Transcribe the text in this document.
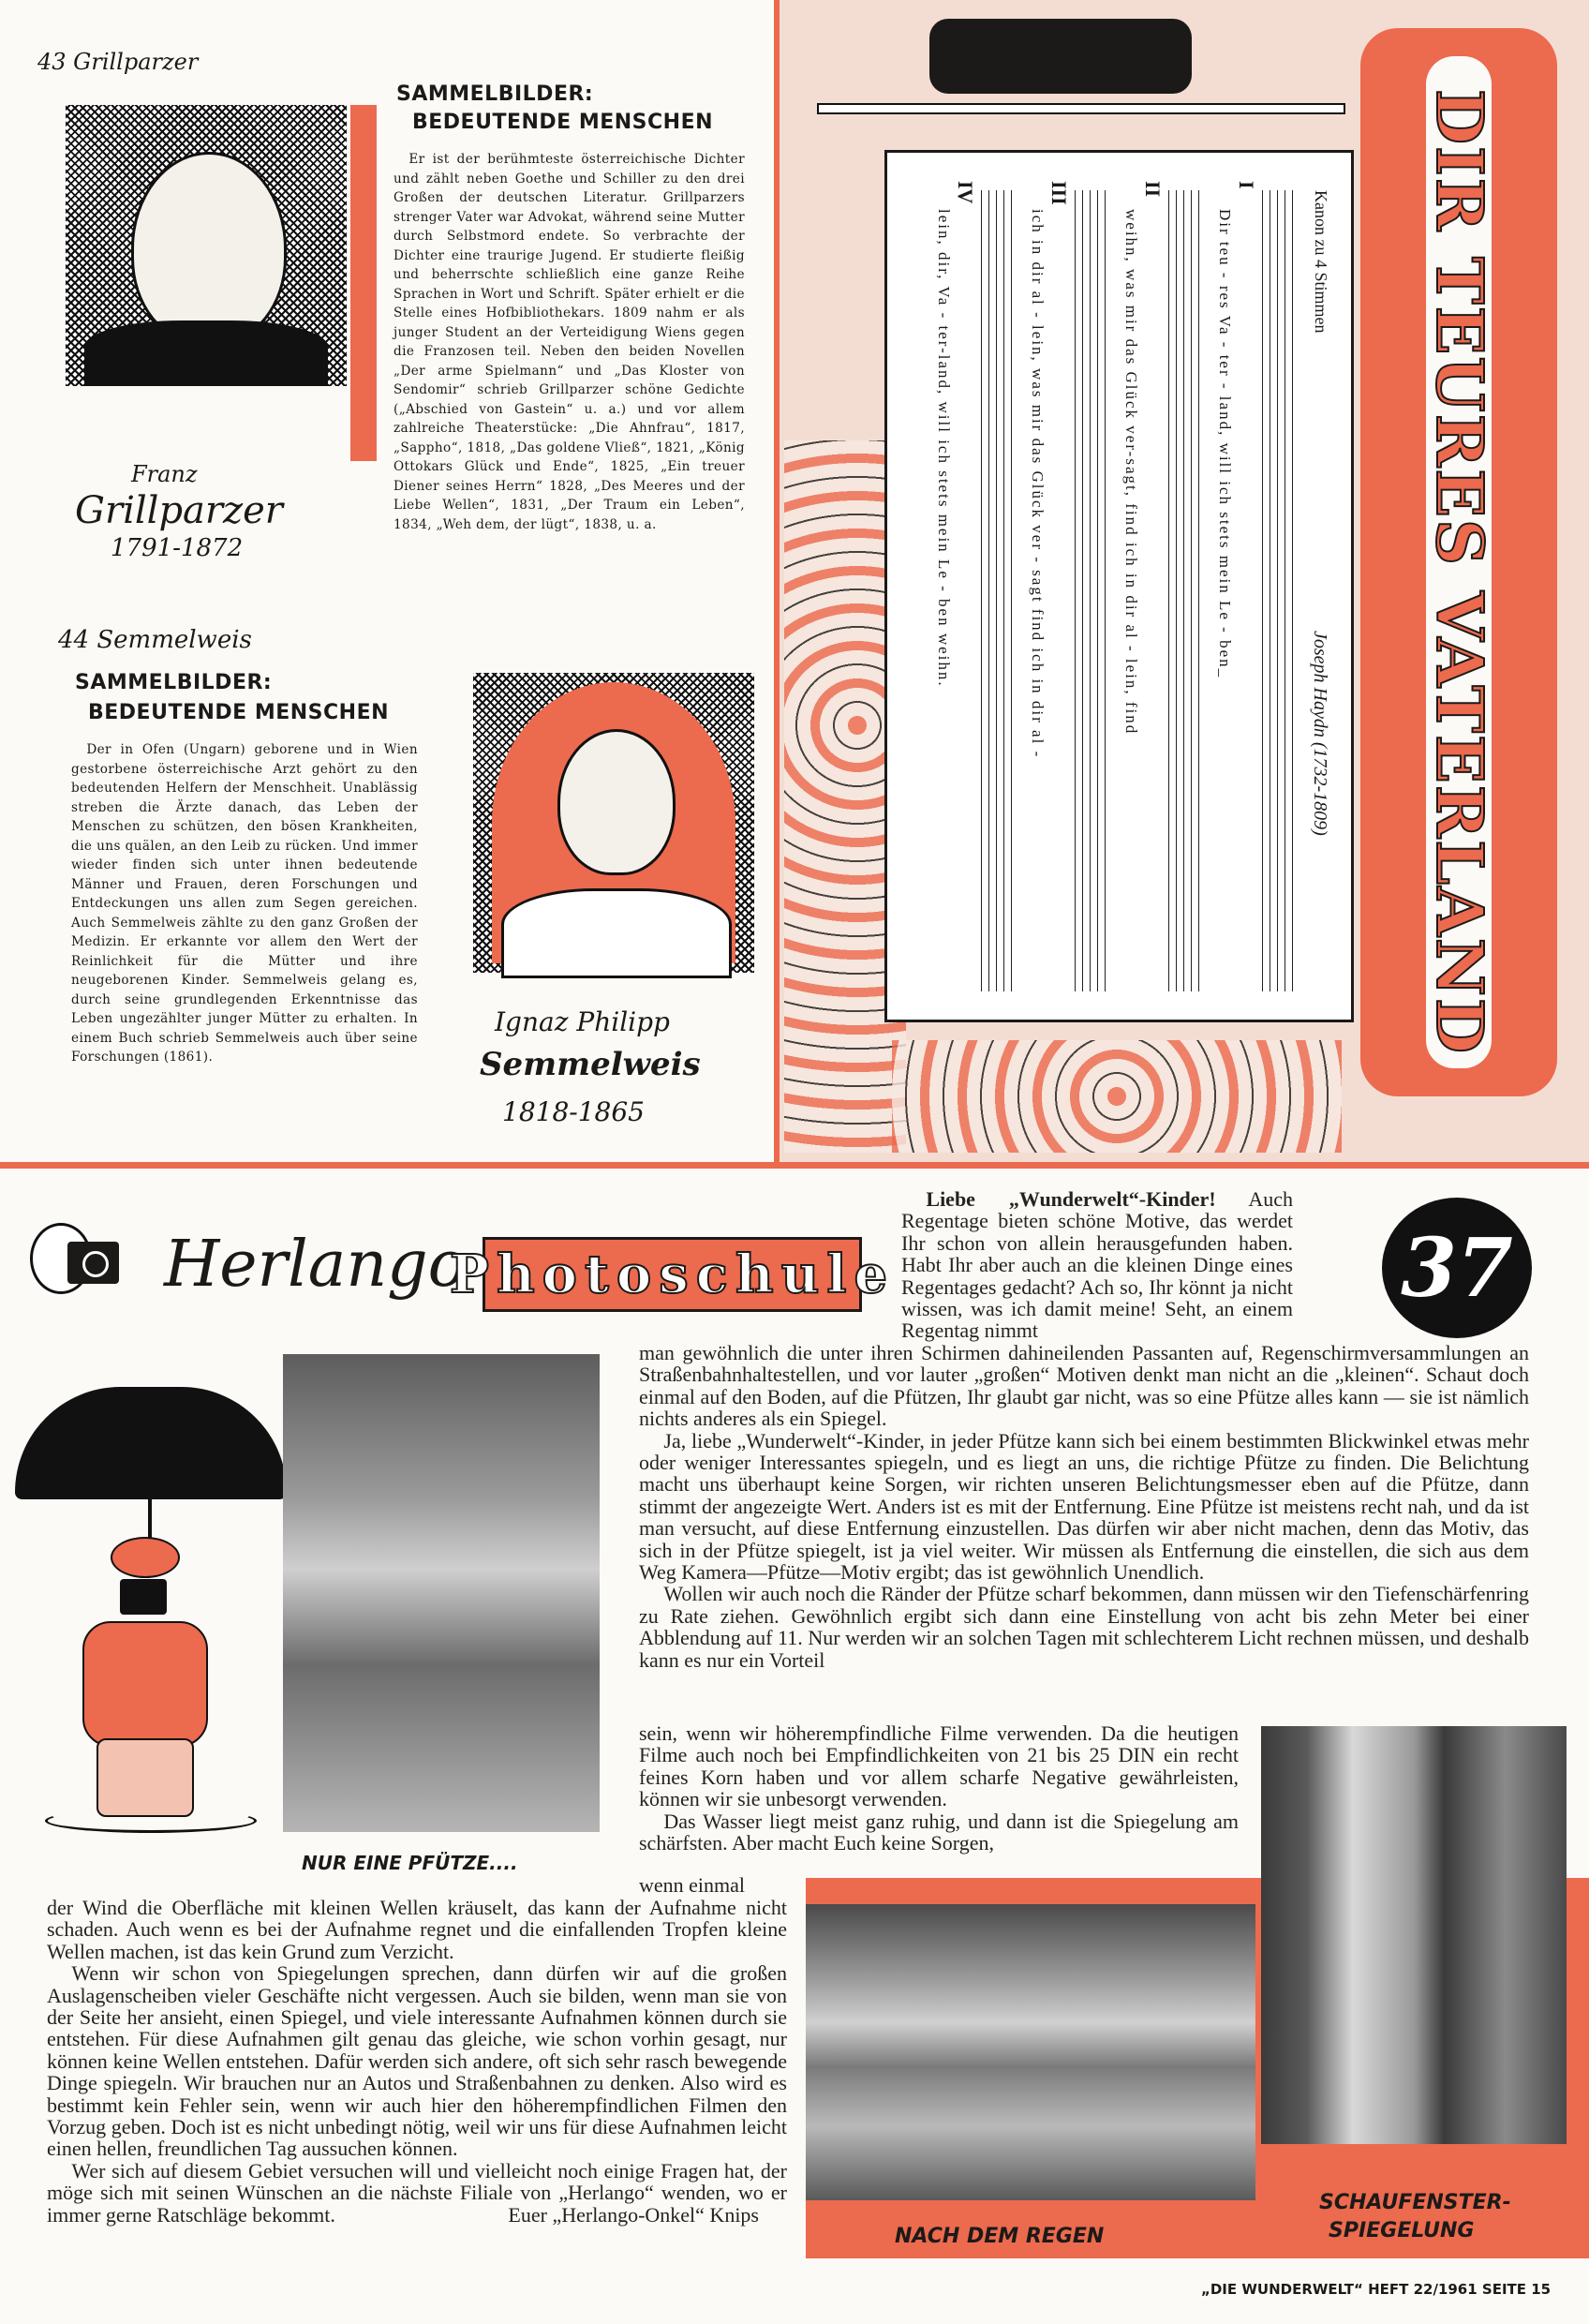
43 Grillparzer
Franz
Grillparzer
1791-1872
SAMMELBILDER:
BEDEUTENDE MENSCHEN

Er ist der berühmteste österreichische Dichter und zählt neben Goethe und Schiller zu den drei Großen der deutschen Literatur. Grillparzers strenger Vater war Advokat, während seine Mutter durch Selbstmord endete. So verbrachte der Dichter eine traurige Jugend. Er studierte fleißig und beherrschte schließlich eine ganze Reihe Sprachen in Wort und Schrift. Später erhielt er die Stelle eines Hofbibliothekars. 1809 nahm er als junger Student an der Verteidigung Wiens gegen die Franzosen teil. Neben den beiden Novellen „Der arme Spielmann“ und „Das Kloster von Sendomir“ schrieb Grillparzer schöne Gedichte („Abschied von Gastein“ u. a.) und vor allem zahlreiche Theaterstücke: „Die Ahnfrau“, 1817, „Sappho“, 1818, „Das goldene Vließ“, 1821, „König Ottokars Glück und Ende“, 1825, „Ein treuer Diener seines Herrn“ 1828, „Des Meeres und der Liebe Wellen“, 1831, „Der Traum ein Leben“, 1834, „Weh dem, der lügt“, 1838, u. a.

44 Semmelweis
SAMMELBILDER:
BEDEUTENDE MENSCHEN

Der in Ofen (Ungarn) geborene und in Wien gestorbene österreichische Arzt gehört zu den bedeutenden Helfern der Menschheit. Unablässig streben die Ärzte danach, das Leben der Menschen zu schützen, den bösen Krankheiten, die uns quälen, an den Leib zu rücken. Und immer wieder finden sich unter ihnen bedeutende Männer und Frauen, deren Forschungen und Entdeckungen uns allen zum Segen gereichen. Auch Semmelweis zählte zu den ganz Großen der Medizin. Er erkannte vor allem den Wert der Reinlichkeit für die Mütter und ihre neugeborenen Kinder. Semmelweis gelang es, durch seine grundlegenden Erkenntnisse das Leben ungezählter junger Mütter zu erhalten. In einem Buch schrieb Semmelweis auch über seine Forschungen (1861).

Ignaz Philipp
Semmelweis
1818-1865
DIR TEURES VATERLAND
Kanon zu 4 Stimmen
Joseph Haydn (1732-1809)
I
Dir teu - res Va - ter - land, will ich stets mein Le - ben_
II
weihn, was mir das Glück ver-sagt, find ich in dir al - lein, find
III
ich in dir al - lein, was mir das Glück ver - sagt find ich in dir al -
IV
lein, dir, Va - ter-land, will ich stets mein Le - ben weihn.
Herlango
Photoschule	37

Liebe „Wunderwelt“-Kinder! Auch Regentage bieten schöne Motive, das werdet Ihr schon von allein herausgefunden haben. Habt Ihr aber auch an die kleinen Dinge eines Regentages gedacht? Ach so, Ihr könnt ja nicht wissen, was ich damit meine! Seht, an einem Regentag nimmt

man gewöhnlich die unter ihren Schirmen dahineilenden Passanten auf, Regenschirmversammlungen an Straßenbahnhaltestellen, und vor lauter „großen“ Motiven denkt man nicht an die „kleinen“. Schaut doch einmal auf den Boden, auf die Pfützen, Ihr glaubt gar nicht, was so eine Pfütze alles kann — sie ist nämlich nichts anderes als ein Spiegel.

Ja, liebe „Wunderwelt“-Kinder, in jeder Pfütze kann sich bei einem bestimmten Blickwinkel etwas mehr oder weniger Interessantes spiegeln, und es liegt an uns, die richtige Pfütze zu finden. Die Belichtung macht uns überhaupt keine Sorgen, wir richten unseren Belichtungsmesser eben auf die Pfütze, dann stimmt der angezeigte Wert. Anders ist es mit der Entfernung. Eine Pfütze ist meistens recht nah, und da ist man versucht, auf diese Entfernung einzustellen. Das dürfen wir aber nicht machen, denn das Motiv, das sich in der Pfütze spiegelt, ist ja viel weiter. Wir müssen als Entfernung die einstellen, die sich aus dem Weg Kamera—Pfütze—Motiv ergibt; das ist gewöhnlich Unendlich.

Wollen wir auch noch die Ränder der Pfütze scharf bekommen, dann müssen wir den Tiefenschärfenring zu Rate ziehen. Gewöhnlich ergibt sich dann eine Einstellung von acht bis zehn Meter bei einer Abblendung auf 11. Nur werden wir an solchen Tagen mit schlechterem Licht rechnen müssen, und deshalb kann es nur ein Vorteil

sein, wenn wir höherempfindliche Filme verwenden. Da die heutigen Filme auch noch bei Empfindlichkeiten von 21 bis 25 DIN ein recht feines Korn haben und vor allem scharfe Negative gewährleisten, können wir sie unbesorgt verwenden.

Das Wasser liegt meist ganz ruhig, und dann ist die Spiegelung am schärfsten. Aber macht Euch keine Sorgen,

wenn einmal

der Wind die Oberfläche mit kleinen Wellen kräuselt, das kann der Aufnahme nicht schaden. Auch wenn es bei der Aufnahme regnet und die einfallenden Tropfen kleine Wellen machen, ist das kein Grund zum Verzicht.

Wenn wir schon von Spiegelungen sprechen, dann dürfen wir auf die großen Auslagenscheiben vieler Geschäfte nicht vergessen. Auch sie bilden, wenn man sie von der Seite her ansieht, einen Spiegel, und viele interessante Aufnahmen können durch sie entstehen. Für diese Aufnahmen gilt genau das gleiche, wie schon vorhin gesagt, nur können keine Wellen entstehen. Dafür werden sich andere, oft sich sehr rasch bewegende Dinge spiegeln. Wir brauchen nur an Autos und Straßenbahnen zu denken. Also wird es bestimmt kein Fehler sein, wenn wir auch hier den höherempfindlichen Filmen den Vorzug geben. Doch ist es nicht unbedingt nötig, weil wir uns für diese Aufnahmen leicht einen hellen, freundlichen Tag aussuchen können.

Wer sich auf diesem Gebiet versuchen will und vielleicht noch einige Fragen hat, der möge sich mit seinen Wünschen an die nächste Filiale von „Herlango“ wenden, wo er immer gerne Ratschläge bekommt.	Euer „Herlango-Onkel“ Knips
NUR EINE PFÜTZE....
NACH DEM REGEN
SCHAUFENSTER-
SPIEGELUNG
„DIE WUNDERWELT“ HEFT 22/1961 SEITE 15
